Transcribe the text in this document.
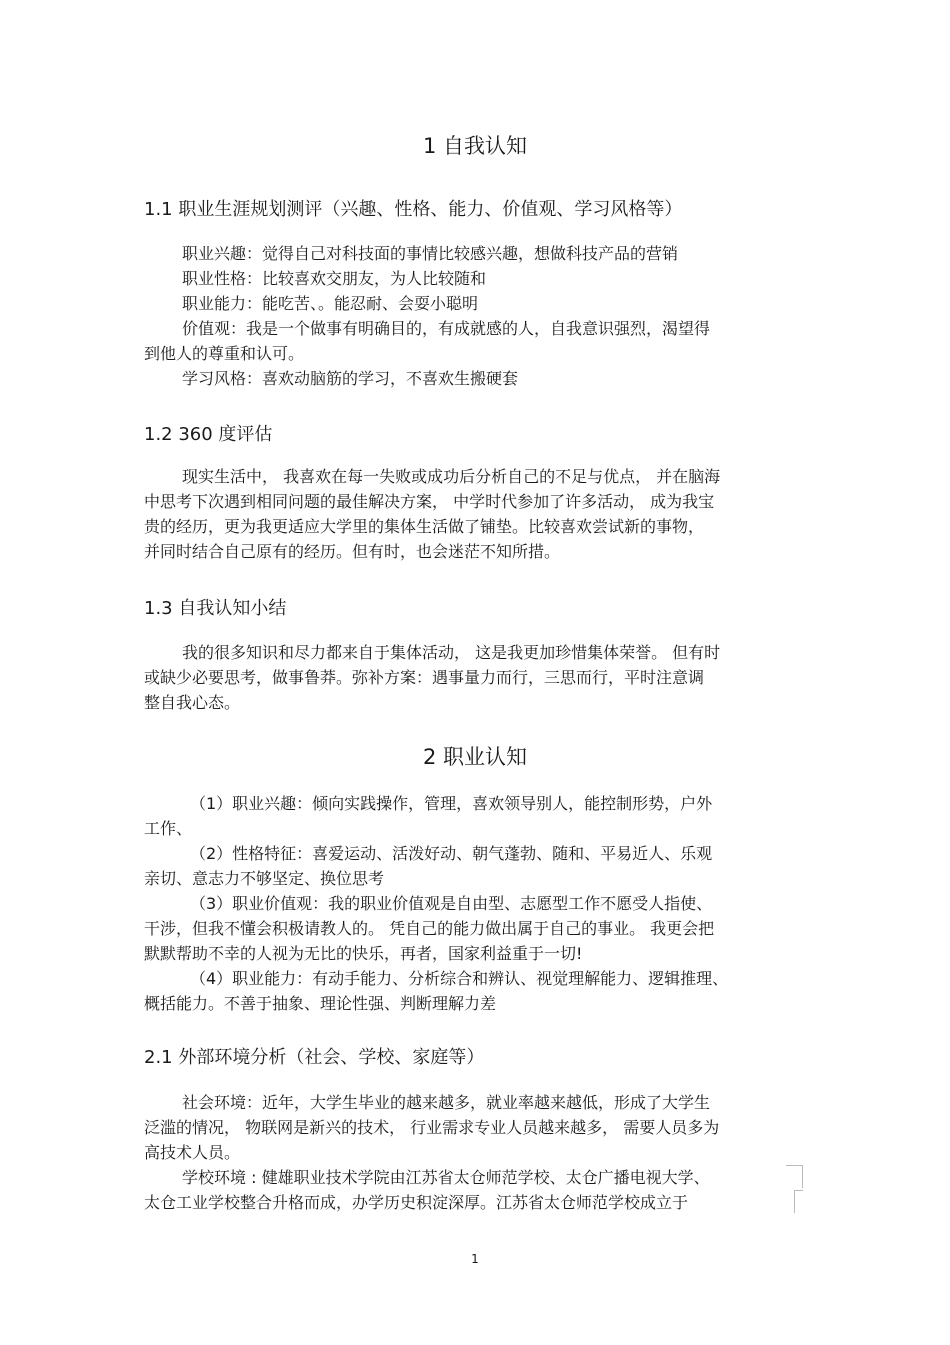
1 自我认知
1.1 职业生涯规划测评（兴趣、性格、能力、价值观、学习风格等）
职业兴趣：觉得自己对科技面的事情比较感兴趣，想做科技产品的营销
职业性格：比较喜欢交朋友，为人比较随和
职业能力：能吃苦、。能忍耐、会耍小聪明
价值观：我是一个做事有明确目的，有成就感的人，自我意识强烈，渴望得
到他人的尊重和认可。
学习风格：喜欢动脑筋的学习，不喜欢生搬硬套
1.2 360 度评估
现实生活中， 我喜欢在每一失败或成功后分析自己的不足与优点， 并在脑海
中思考下次遇到相同问题的最佳解决方案， 中学时代参加了许多活动， 成为我宝
贵的经历，更为我更适应大学里的集体生活做了铺垫。比较喜欢尝试新的事物，
并同时结合自己原有的经历。但有时，也会迷茫不知所措。
1.3 自我认知小结
我的很多知识和尽力都来自于集体活动， 这是我更加珍惜集体荣誉。 但有时
或缺少必要思考，做事鲁莽。弥补方案：遇事量力而行，三思而行，平时注意调
整自我心态。
2 职业认知
（1）职业兴趣：倾向实践操作，管理，喜欢领导别人，能控制形势，户外
工作、
（2）性格特征：喜爱运动、活泼好动、朝气蓬勃、随和、平易近人、乐观
亲切、意志力不够坚定、换位思考
（3）职业价值观：我的职业价值观是自由型、志愿型工作不愿受人指使、
干涉，但我不懂会积极请教人的。 凭自己的能力做出属于自己的事业。 我更会把
默默帮助不幸的人视为无比的快乐，再者，国家利益重于一切!
（4）职业能力：有动手能力、分析综合和辨认、视觉理解能力、逻辑推理、
概括能力。不善于抽象、理论性强、判断理解力差
2.1 外部环境分析（社会、学校、家庭等）
社会环境：近年，大学生毕业的越来越多，就业率越来越低，形成了大学生
泛滥的情况， 物联网是新兴的技术， 行业需求专业人员越来越多， 需要人员多为
高技术人员。
学校环境 : 健雄职业技术学院由江苏省太仓师范学校、太仓广播电视大学、
太仓工业学校整合升格而成，办学历史积淀深厚。江苏省太仓师范学校成立于
1
